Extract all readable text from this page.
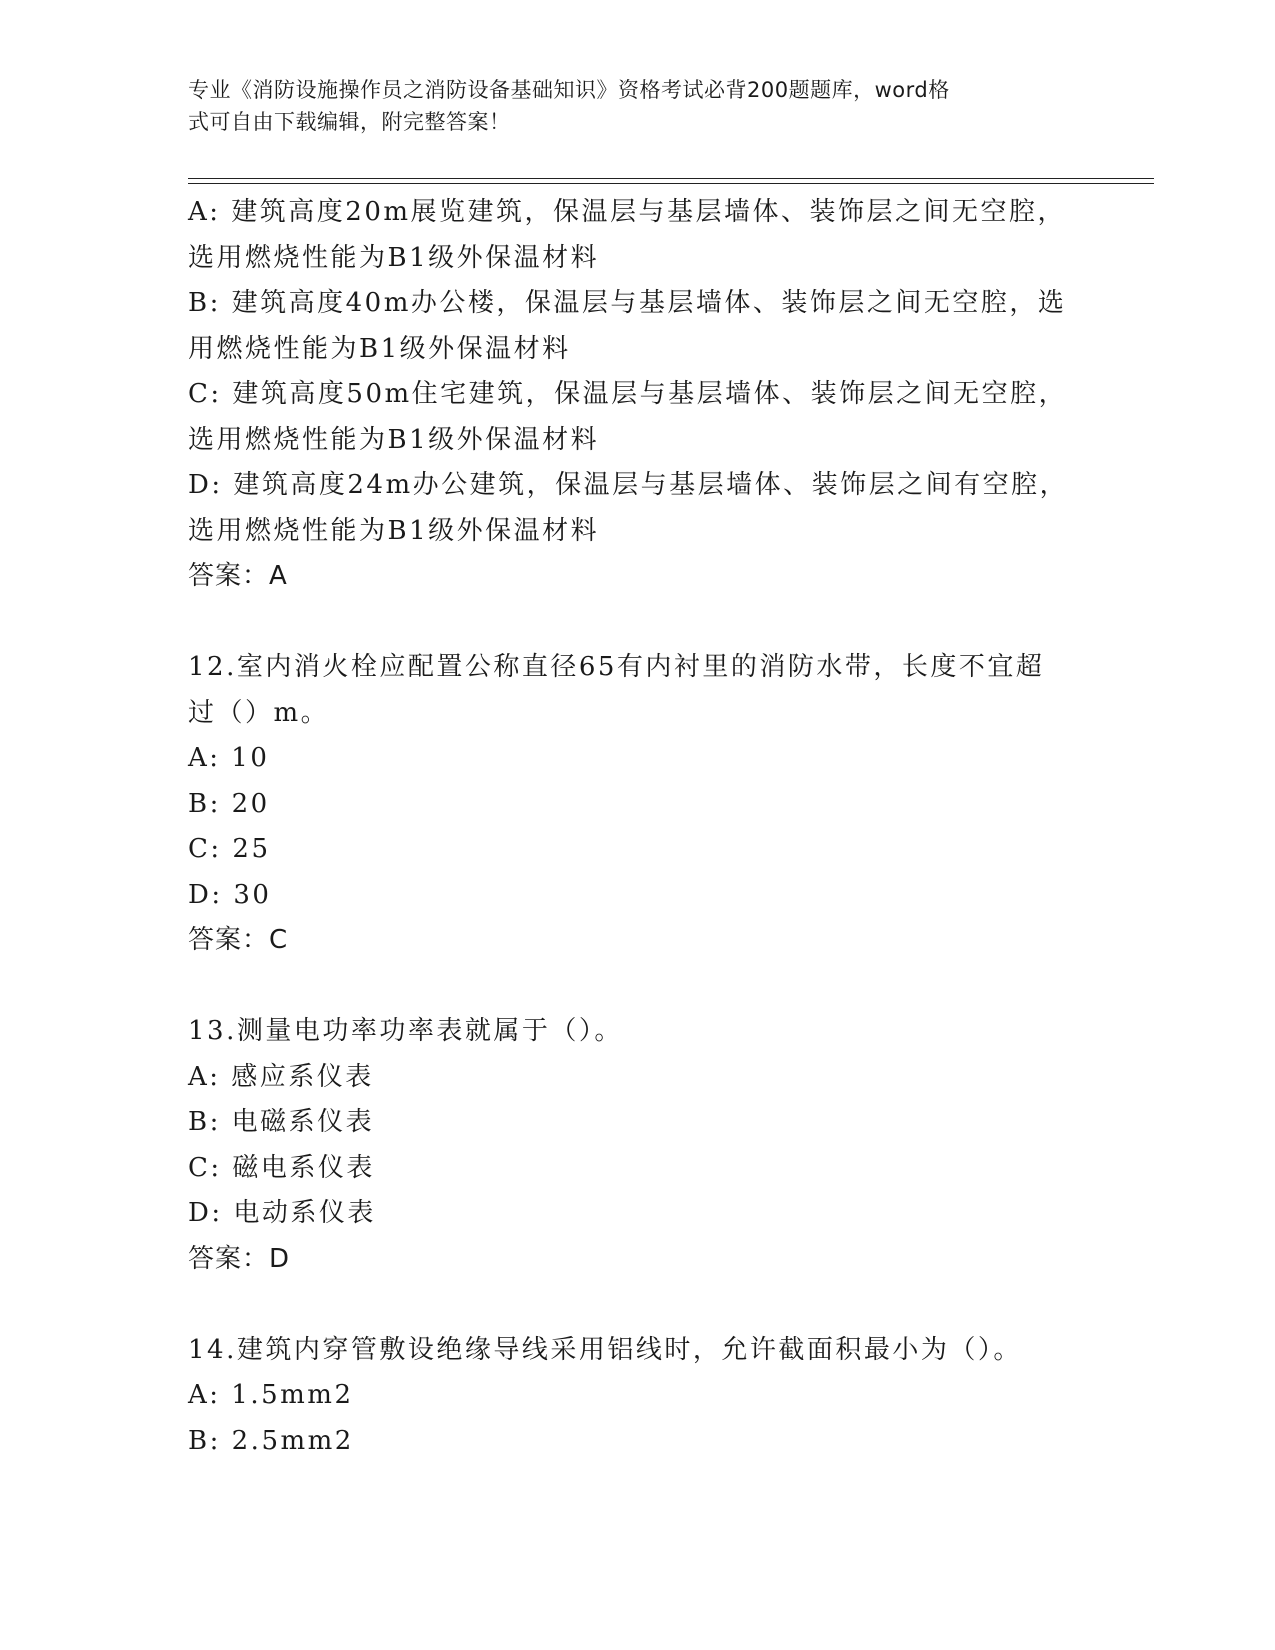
专业《消防设施操作员之消防设备基础知识》资格考试必背200题题库，word格
式可自由下载编辑，附完整答案！
A: 建筑高度20m展览建筑，保温层与基层墙体、装饰层之间无空腔，
选用燃烧性能为B1级外保温材料
B: 建筑高度40m办公楼，保温层与基层墙体、装饰层之间无空腔，选
用燃烧性能为B1级外保温材料
C: 建筑高度50m住宅建筑，保温层与基层墙体、装饰层之间无空腔，
选用燃烧性能为B1级外保温材料
D: 建筑高度24m办公建筑，保温层与基层墙体、装饰层之间有空腔，
选用燃烧性能为B1级外保温材料
答案：A
12.室内消火栓应配置公称直径65有内衬里的消防水带，长度不宜超
过（）m。
A: 10
B: 20
C: 25
D: 30
答案：C
13.测量电功率功率表就属于（）。
A: 感应系仪表
B: 电磁系仪表
C: 磁电系仪表
D: 电动系仪表
答案：D
14.建筑内穿管敷设绝缘导线采用铝线时，允许截面积最小为（）。
A: 1.5mm2
B: 2.5mm2
